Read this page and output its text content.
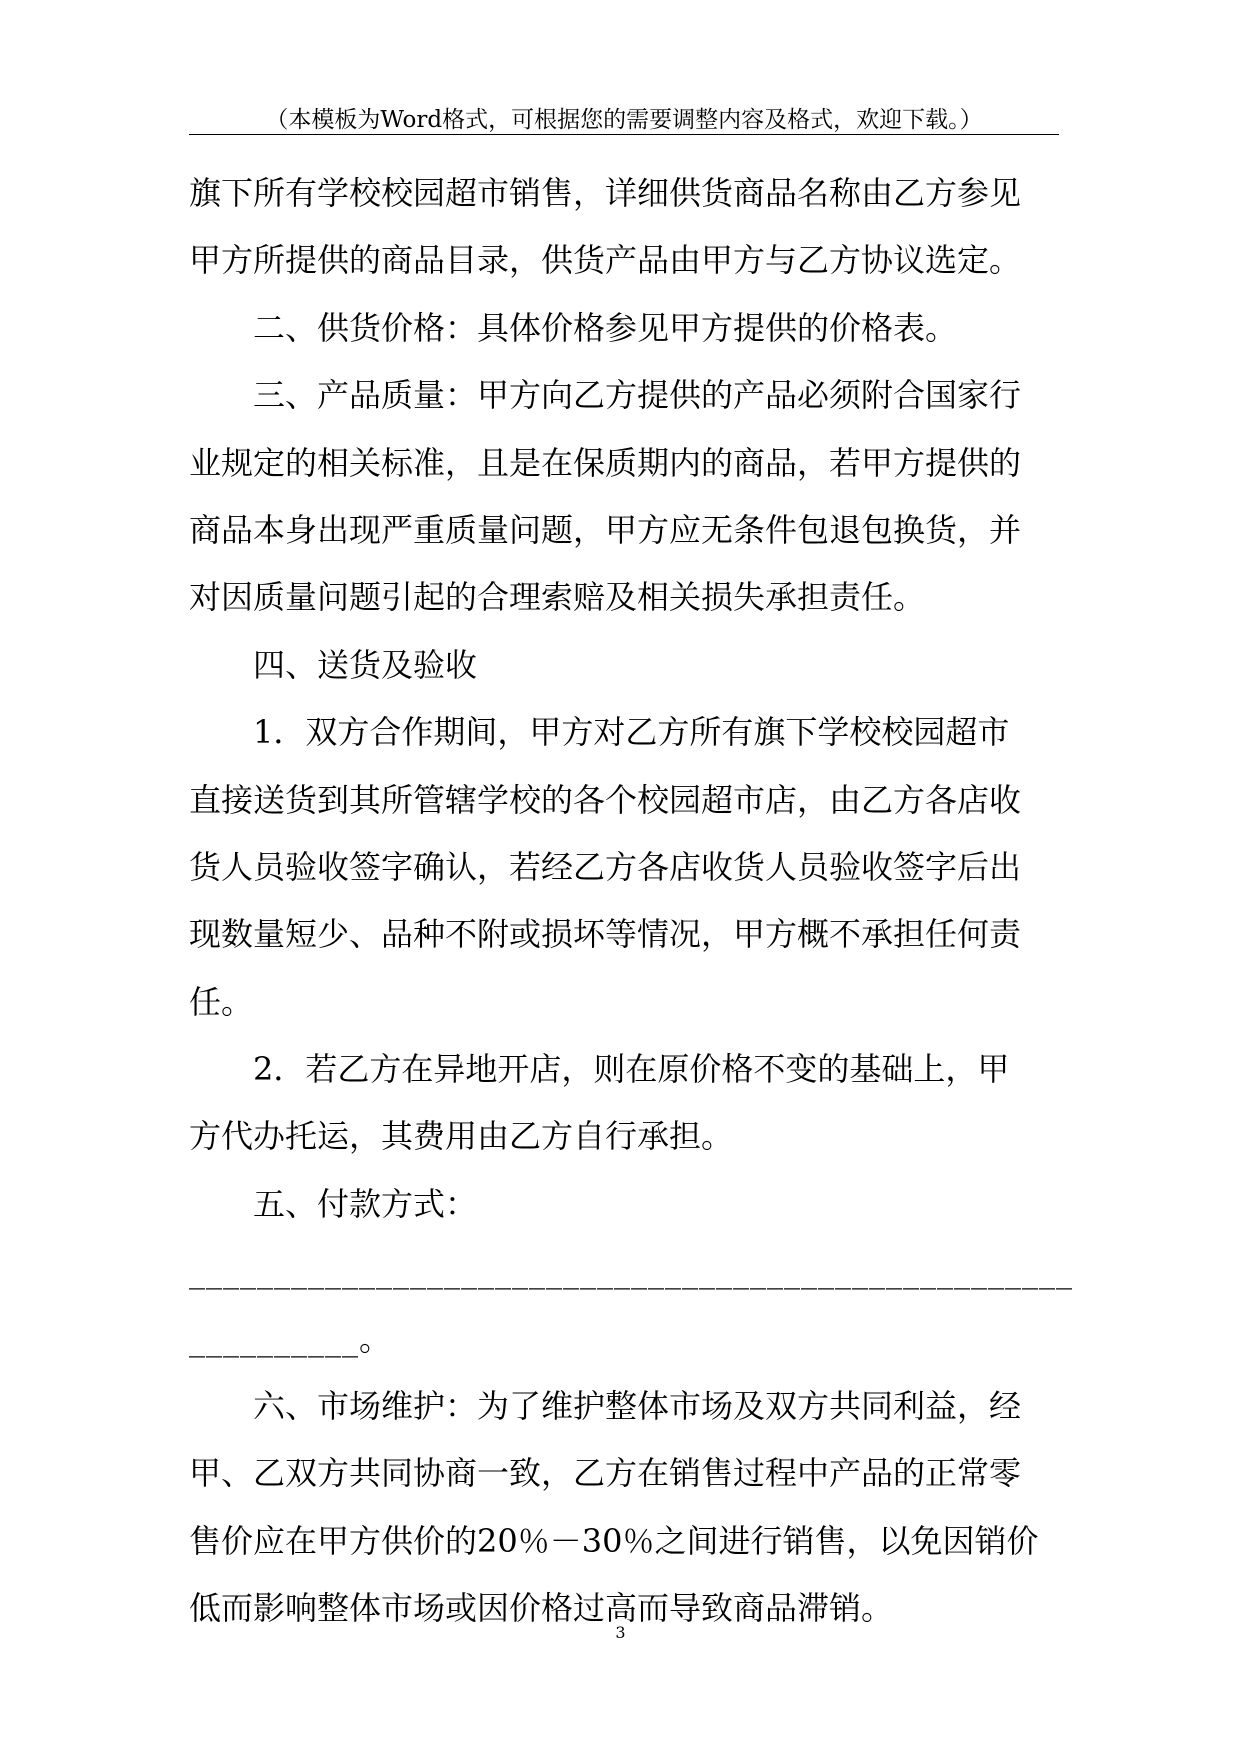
（本模板为Word格式，可根据您的需要调整内容及格式，欢迎下载。）
旗下所有学校校园超市销售，详细供货商品名称由乙方参见
甲方所提供的商品目录，供货产品由甲方与乙方协议选定。
二、供货价格：具体价格参见甲方提供的价格表。
三、产品质量：甲方向乙方提供的产品必须附合国家行
业规定的相关标准，且是在保质期内的商品，若甲方提供的
商品本身出现严重质量问题，甲方应无条件包退包换货，并
对因质量问题引起的合理索赔及相关损失承担责任。
四、送货及验收
1．双方合作期间，甲方对乙方所有旗下学校校园超市
直接送货到其所管辖学校的各个校园超市店，由乙方各店收
货人员验收签字确认，若经乙方各店收货人员验收签字后出
现数量短少、品种不附或损坏等情况，甲方概不承担任何责
任。
2．若乙方在异地开店，则在原价格不变的基础上，甲
方代办托运，其费用由乙方自行承担。
五、付款方式：
____________________________________________________
__________。
六、市场维护：为了维护整体市场及双方共同利益，经
甲、乙双方共同协商一致，乙方在销售过程中产品的正常零
售价应在甲方供价的20％－30％之间进行销售，以免因销价
低而影响整体市场或因价格过高而导致商品滞销。
3
